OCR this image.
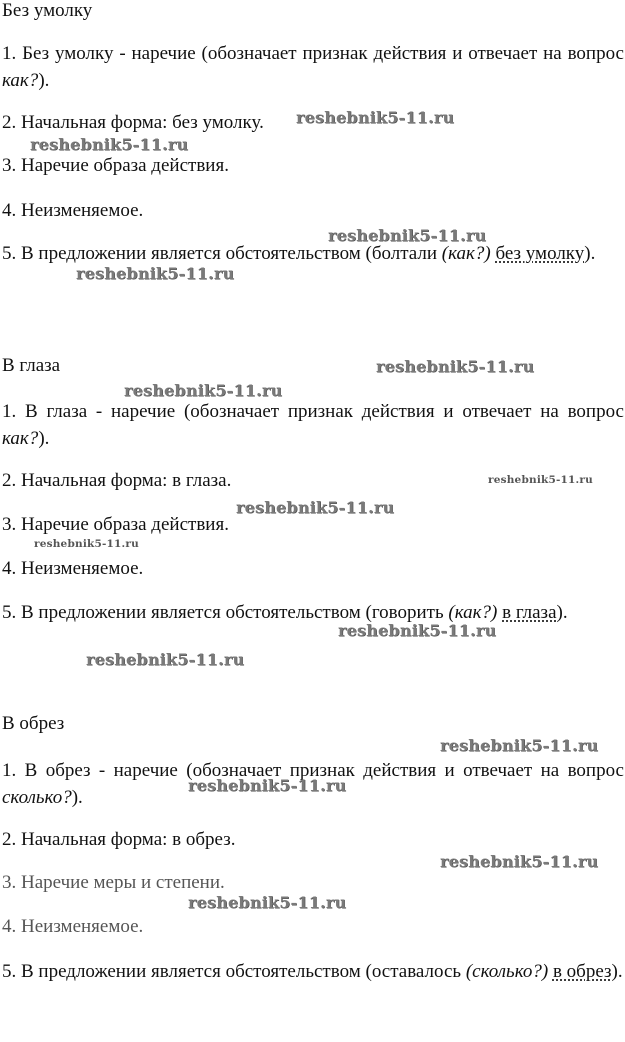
Без умолку
1. Без умолку - наречие (обозначает признак действия и отвечает на вопрос как?).
2. Начальная форма: без умолку.
3. Наречие образа действия.
4. Неизменяемое.
5. В предложении является обстоятельством (болтали (как?) без умолку).
В глаза
1. В глаза - наречие (обозначает признак действия и отвечает на вопрос как?).
2. Начальная форма: в глаза.
3. Наречие образа действия.
4. Неизменяемое.
5. В предложении является обстоятельством (говорить (как?) в глаза).
В обрез
1. В обрез - наречие (обозначает признак действия и отвечает на вопрос сколько?).
2. Начальная форма: в обрез.
3. Наречие меры и степени.
4. Неизменяемое.
5. В предложении является обстоятельством (оставалось (сколько?) в обрез).
reshebnik5-11.ru
reshebnik5-11.ru
reshebnik5-11.ru
reshebnik5-11.ru
reshebnik5-11.ru
reshebnik5-11.ru
reshebnik5-11.ru
reshebnik5-11.ru
reshebnik5-11.ru
reshebnik5-11.ru
reshebnik5-11.ru
reshebnik5-11.ru
reshebnik5-11.ru
reshebnik5-11.ru
reshebnik5-11.ru
